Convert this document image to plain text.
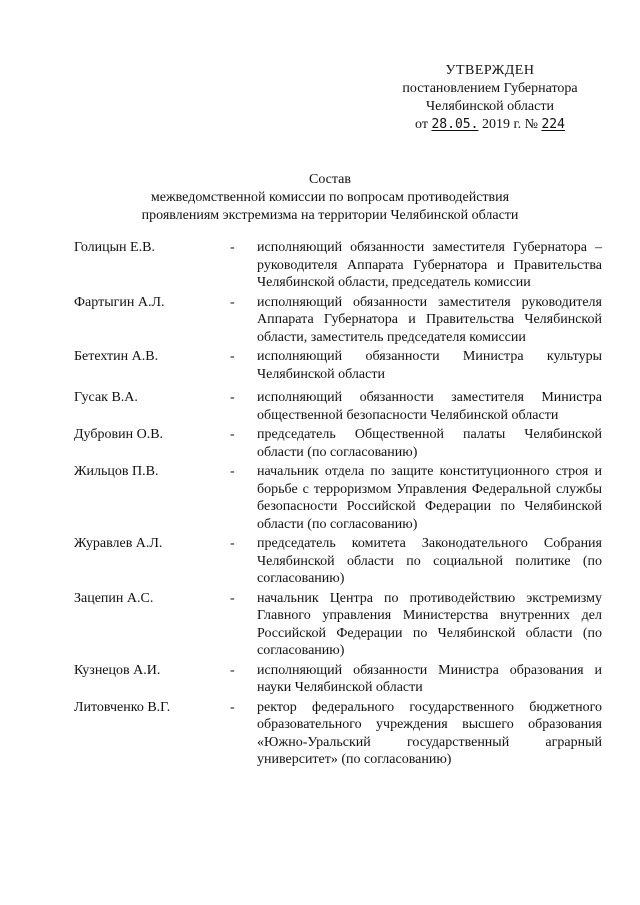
УТВЕРЖДЕН
постановлением Губернатора
Челябинской области
от 28.05. 2019 г. № 224
Состав
межведомственной комиссии по вопросам противодействия
проявлениям экстремизма на территории Челябинской области
Голицын Е.В.	-	исполняющий обязанности заместителя Губернатора – руководителя Аппарата Губернатора и Правительства Челябинской области, председатель комиссии
Фартыгин А.Л.	-	исполняющий обязанности заместителя руководителя Аппарата Губернатора и Правительства Челябинской области, заместитель председателя комиссии
Бетехтин А.В.	-	исполняющий обязанности Министра культуры Челябинской области
Гусак В.А.	-	исполняющий обязанности заместителя Министра общественной безопасности Челябинской области
Дубровин О.В.	-	председатель Общественной палаты Челябинской области (по согласованию)
Жильцов П.В.	-	начальник отдела по защите конституционного строя и борьбе с терроризмом Управления Федеральной службы безопасности Российской Федерации по Челябинской области (по согласованию)
Журавлев А.Л.	-	председатель комитета Законодательного Собрания Челябинской области по социальной политике (по согласованию)
Зацепин А.С.	-	начальник Центра по противодействию экстремизму Главного управления Министерства внутренних дел Российской Федерации по Челябинской области (по согласованию)
Кузнецов А.И.	-	исполняющий обязанности Министра образования и науки Челябинской области
Литовченко В.Г.	-	ректор федерального государственного бюджетного образовательного учреждения высшего образования «Южно-Уральский государственный аграрный университет» (по согласованию)
